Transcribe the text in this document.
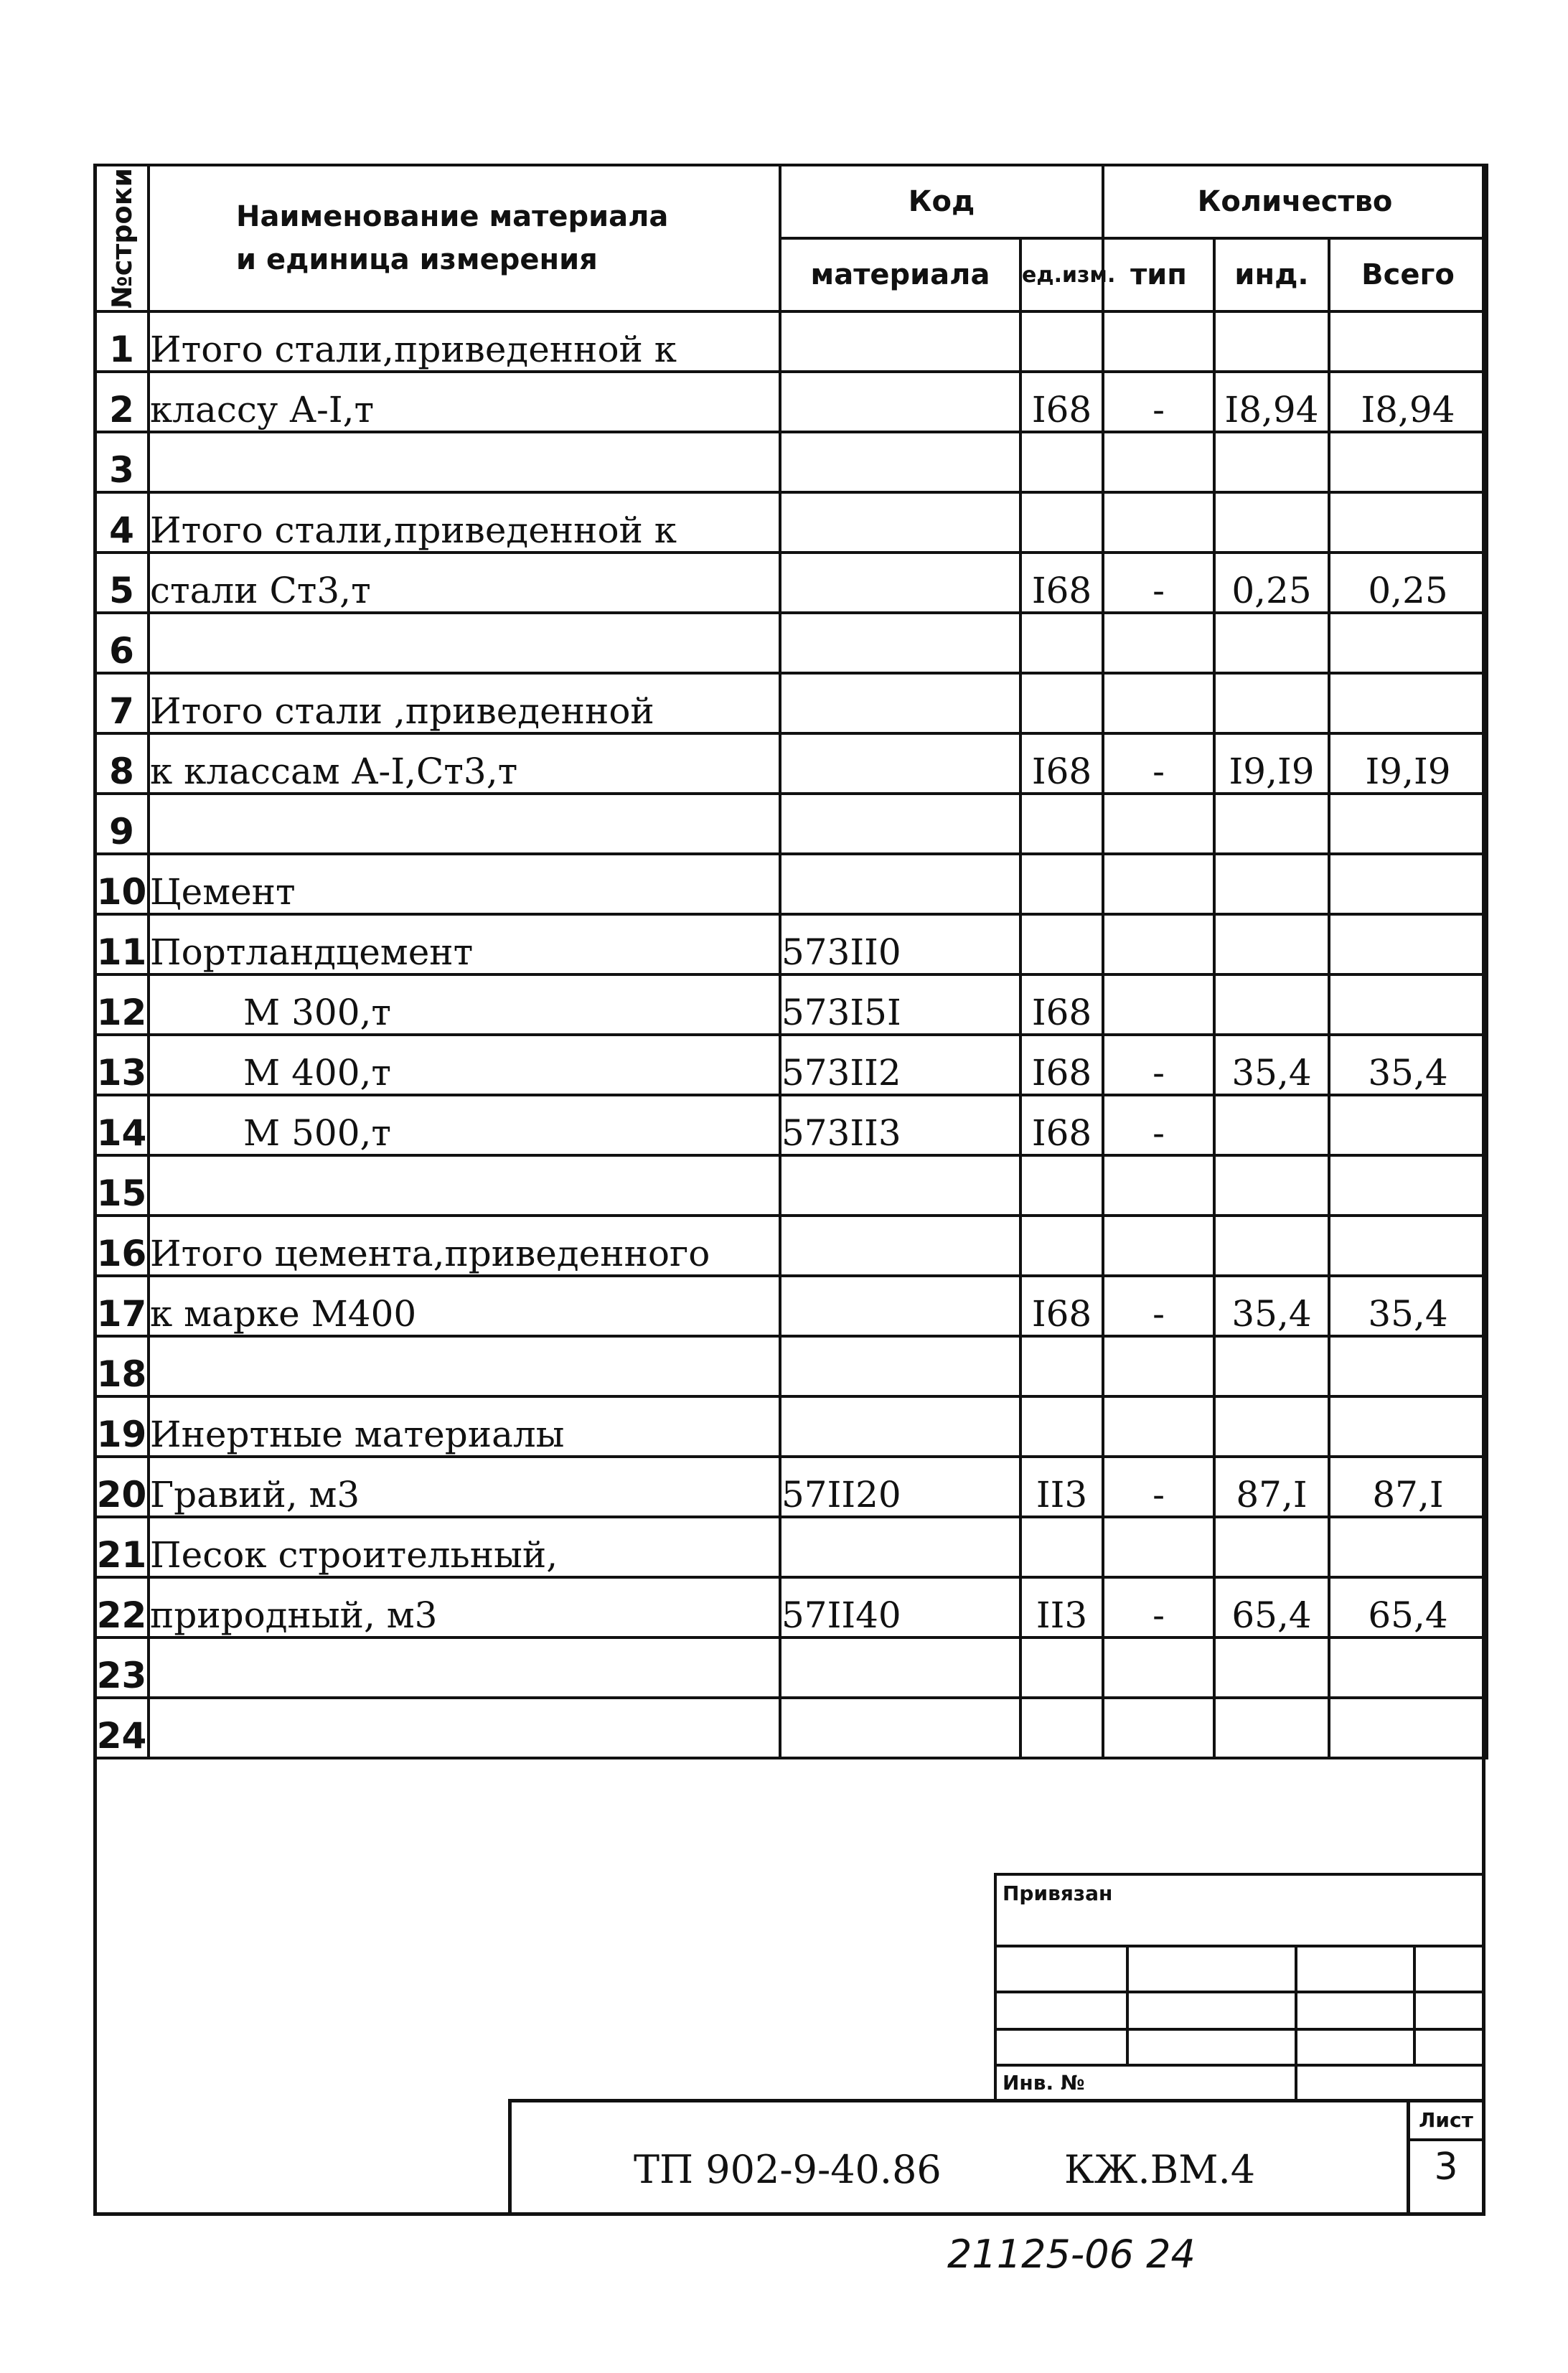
№строки	Наименование материала
и единица измерения	Код		Количество		
		материала	ед.изм.	тип	инд.	Всего
1	Итого стали,приведенной к					
2	классу А-I,т		I68	-	I8,94	I8,94
3						
4	Итого стали,приведенной к					
5	стали Ст3,т		I68	-	0,25	0,25
6						
7	Итого стали ,приведенной					
8	к классам А-I,Ст3,т		I68	-	I9,I9	I9,I9
9						
10	Цемент					
11	Портландцемент	573II0				
12	М 300,т	573I5I	I68			
13	М 400,т	573II2	I68	-	35,4	35,4
14	М 500,т	573II3	I68	-		
15						
16	Итого цемента,приведенного					
17	к марке М400		I68	-	35,4	35,4
18						
19	Инертные материалы					
20	Гравий, м3	57II20	II3	-	87,I	87,I
21	Песок строительный,					
22	природный, м3	57II40	II3	-	65,4	65,4
23						
24						
Привязан
Инв. №
ТП 902-9-40.86	КЖ.ВМ.4
Лист
3
21125-06 24
